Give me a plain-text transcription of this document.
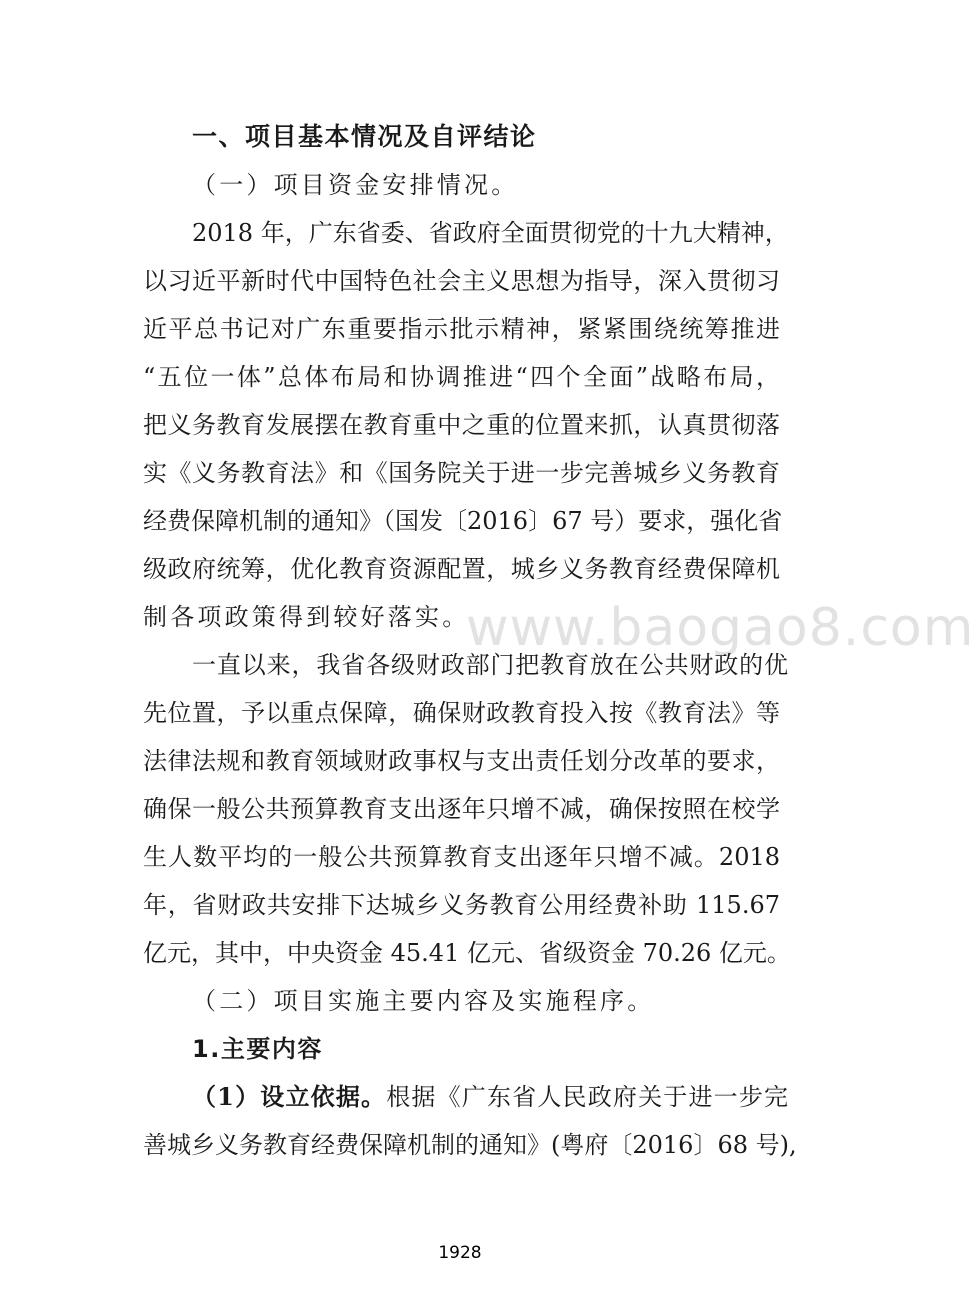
www.baogao8.com
一、项目基本情况及自评结论
（一）项目资金安排情况。
2018 年，广东省委、省政府全面贯彻党的十九大精神，
以习近平新时代中国特色社会主义思想为指导，深入贯彻习
近平总书记对广东重要指示批示精神，紧紧围绕统筹推进
“五位一体”总体布局和协调推进“四个全面”战略布局，
把义务教育发展摆在教育重中之重的位置来抓，认真贯彻落
实《义务教育法》和《国务院关于进一步完善城乡义务教育
经费保障机制的通知》（国发〔2016〕67 号）要求，强化省
级政府统筹，优化教育资源配置，城乡义务教育经费保障机
制各项政策得到较好落实。
一直以来，我省各级财政部门把教育放在公共财政的优
先位置，予以重点保障，确保财政教育投入按《教育法》等
法律法规和教育领域财政事权与支出责任划分改革的要求，
确保一般公共预算教育支出逐年只增不减，确保按照在校学
生人数平均的一般公共预算教育支出逐年只增不减。2018
年，省财政共安排下达城乡义务教育公用经费补助 115.67
亿元，其中，中央资金 45.41 亿元、省级资金 70.26 亿元。
（二）项目实施主要内容及实施程序。
1.主要内容
（1）设立依据。根据《广东省人民政府关于进一步完
善城乡义务教育经费保障机制的通知》(粤府〔2016〕68 号),
1928
